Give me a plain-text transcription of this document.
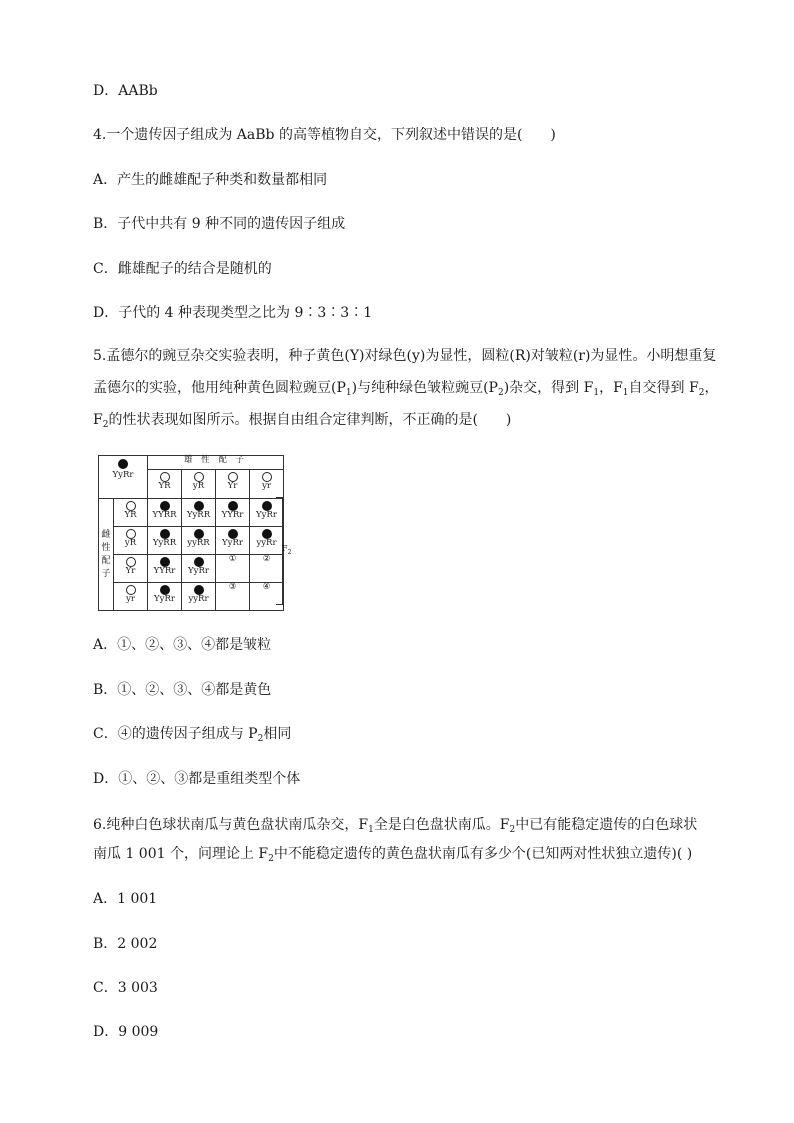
D．AABb
4.一个遗传因子组成为 AaBb 的高等植物自交，下列叙述中错误的是(　　)
A．产生的雌雄配子种类和数量都相同
B．子代中共有 9 种不同的遗传因子组成
C．雌雄配子的结合是随机的
D．子代的 4 种表现类型之比为 9∶3∶3∶1
5.孟德尔的豌豆杂交实验表明，种子黄色(Y)对绿色(y)为显性，圆粒(R)对皱粒(r)为显性。小明想重复
孟德尔的实验，他用纯种黄色圆粒豌豆$(P_1)$与纯种绿色皱粒豌豆$(P_2)$杂交，得到 $F_1$，$F_1$自交得到 $F_2$，
$F_2$的性状表现如图所示。根据自由组合定律判断，不正确的是(　　)
YyRr		雄 性 配 子			

YR	yR	Yr	yr
雌
性
配
子	YR	YYRR	YyRR	YYRr	YyRr

yR	YyRR	yyRR	YyRr	yyRr

Yr	YYRr	YyRr	①	②

yr	YyRr	yyRr	③	④
$F_2$
A．①、②、③、④都是皱粒
B．①、②、③、④都是黄色
C．④的遗传因子组成与 $P_2$相同
D．①、②、③都是重组类型个体
6.纯种白色球状南瓜与黄色盘状南瓜杂交，$F_1$全是白色盘状南瓜。$F_2$中已有能稳定遗传的白色球状
南瓜 1 001 个，问理论上 $F_2$中不能稳定遗传的黄色盘状南瓜有多少个(已知两对性状独立遗传)( )
A．1 001
B．2 002
C．3 003
D．9 009
